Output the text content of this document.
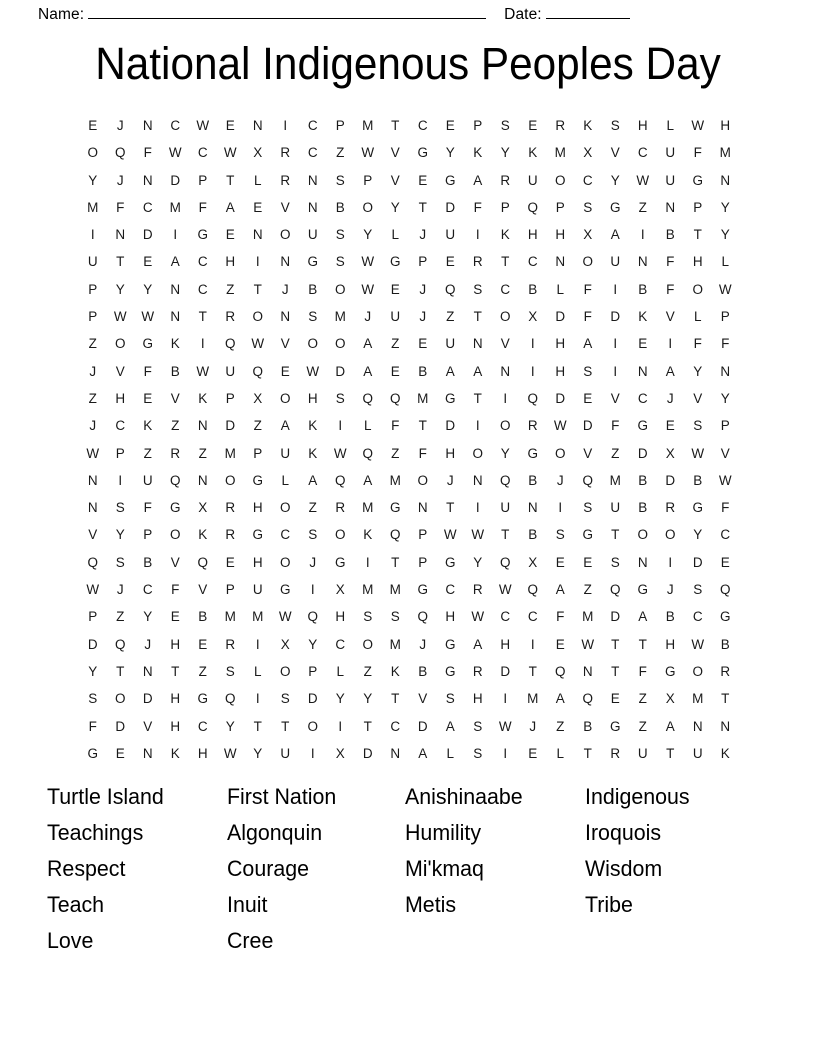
Name:	Date:
National Indigenous Peoples Day
E	J	N	C	W	E	N	I	C	P	M	T	C	E	P	S	E	R	K	S	H	L	W	H
O	Q	F	W	C	W	X	R	C	Z	W	V	G	Y	K	Y	K	M	X	V	C	U	F	M
Y	J	N	D	P	T	L	R	N	S	P	V	E	G	A	R	U	O	C	Y	W	U	G	N
M	F	C	M	F	A	E	V	N	B	O	Y	T	D	F	P	Q	P	S	G	Z	N	P	Y
I	N	D	I	G	E	N	O	U	S	Y	L	J	U	I	K	H	H	X	A	I	B	T	Y
U	T	E	A	C	H	I	N	G	S	W	G	P	E	R	T	C	N	O	U	N	F	H	L
P	Y	Y	N	C	Z	T	J	B	O	W	E	J	Q	S	C	B	L	F	I	B	F	O	W
P	W	W	N	T	R	O	N	S	M	J	U	J	Z	T	O	X	D	F	D	K	V	L	P
Z	O	G	K	I	Q	W	V	O	O	A	Z	E	U	N	V	I	H	A	I	E	I	F	F
J	V	F	B	W	U	Q	E	W	D	A	E	B	A	A	N	I	H	S	I	N	A	Y	N
Z	H	E	V	K	P	X	O	H	S	Q	Q	M	G	T	I	Q	D	E	V	C	J	V	Y
J	C	K	Z	N	D	Z	A	K	I	L	F	T	D	I	O	R	W	D	F	G	E	S	P
W	P	Z	R	Z	M	P	U	K	W	Q	Z	F	H	O	Y	G	O	V	Z	D	X	W	V
N	I	U	Q	N	O	G	L	A	Q	A	M	O	J	N	Q	B	J	Q	M	B	D	B	W
N	S	F	G	X	R	H	O	Z	R	M	G	N	T	I	U	N	I	S	U	B	R	G	F
V	Y	P	O	K	R	G	C	S	O	K	Q	P	W	W	T	B	S	G	T	O	O	Y	C
Q	S	B	V	Q	E	H	O	J	G	I	T	P	G	Y	Q	X	E	E	S	N	I	D	E
W	J	C	F	V	P	U	G	I	X	M	M	G	C	R	W	Q	A	Z	Q	G	J	S	Q
P	Z	Y	E	B	M	M	W	Q	H	S	S	Q	H	W	C	C	F	M	D	A	B	C	G
D	Q	J	H	E	R	I	X	Y	C	O	M	J	G	A	H	I	E	W	T	T	H	W	B
Y	T	N	T	Z	S	L	O	P	L	Z	K	B	G	R	D	T	Q	N	T	F	G	O	R
S	O	D	H	G	Q	I	S	D	Y	Y	T	V	S	H	I	M	A	Q	E	Z	X	M	T
F	D	V	H	C	Y	T	T	O	I	T	C	D	A	S	W	J	Z	B	G	Z	A	N	N
G	E	N	K	H	W	Y	U	I	X	D	N	A	L	S	I	E	L	T	R	U	T	U	K
Turtle Island
Teachings
Respect
Teach
Love
First Nation
Algonquin
Courage
Inuit
Cree
Anishinaabe
Humility
Mi'kmaq
Metis
Indigenous
Iroquois
Wisdom
Tribe
